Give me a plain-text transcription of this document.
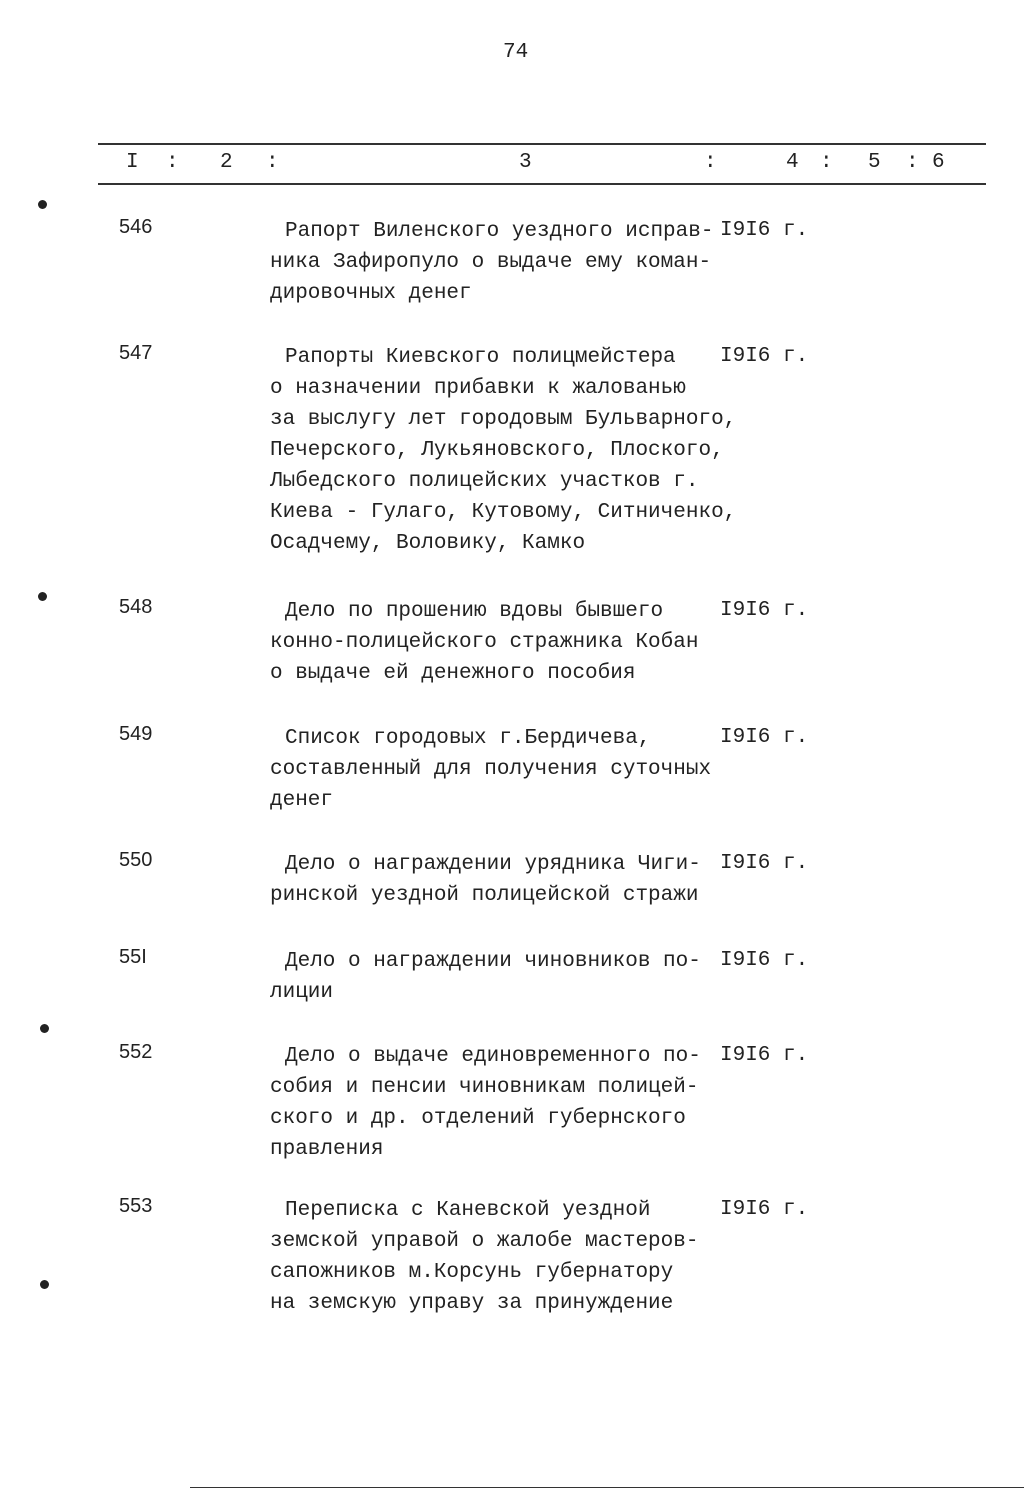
74
I : 2 :	3	:	4 : 5 : 6
546	Рапорт Виленского уездного исправ-
ника Зафиропуло о выдаче ему коман-
дировочных денег
I9I6 г.
547	Рапорты Киевского полицмейстера
о назначении прибавки к жалованью
за выслугу лет городовым Бульварного,
Печерского, Лукьяновского, Плоского,
Лыбедского полицейских участков г.
Киева - Гулаго, Кутовому, Ситниченко,
Осадчему, Воловику, Камко
I9I6 г.
548	Дело по прошению вдовы бывшего
конно-полицейского стражника Кобан
о выдаче ей денежного пособия
I9I6 г.
549	Список городовых г.Бердичева,
составленный для получения суточных
денег
I9I6 г.
550	Дело о награждении урядника Чиги-
ринской уездной полицейской стражи
I9I6 г.
55I	Дело о награждении чиновников по-
лиции
I9I6 г.
552	Дело о выдаче единовременного по-
собия и пенсии чиновникам полицей-
ского и др. отделений губернского
правления
I9I6 г.
553	Переписка с Каневской уездной
земской управой о жалобе мастеров-
сапожников м.Корсунь губернатору
на земскую управу за принуждение
I9I6 г.
